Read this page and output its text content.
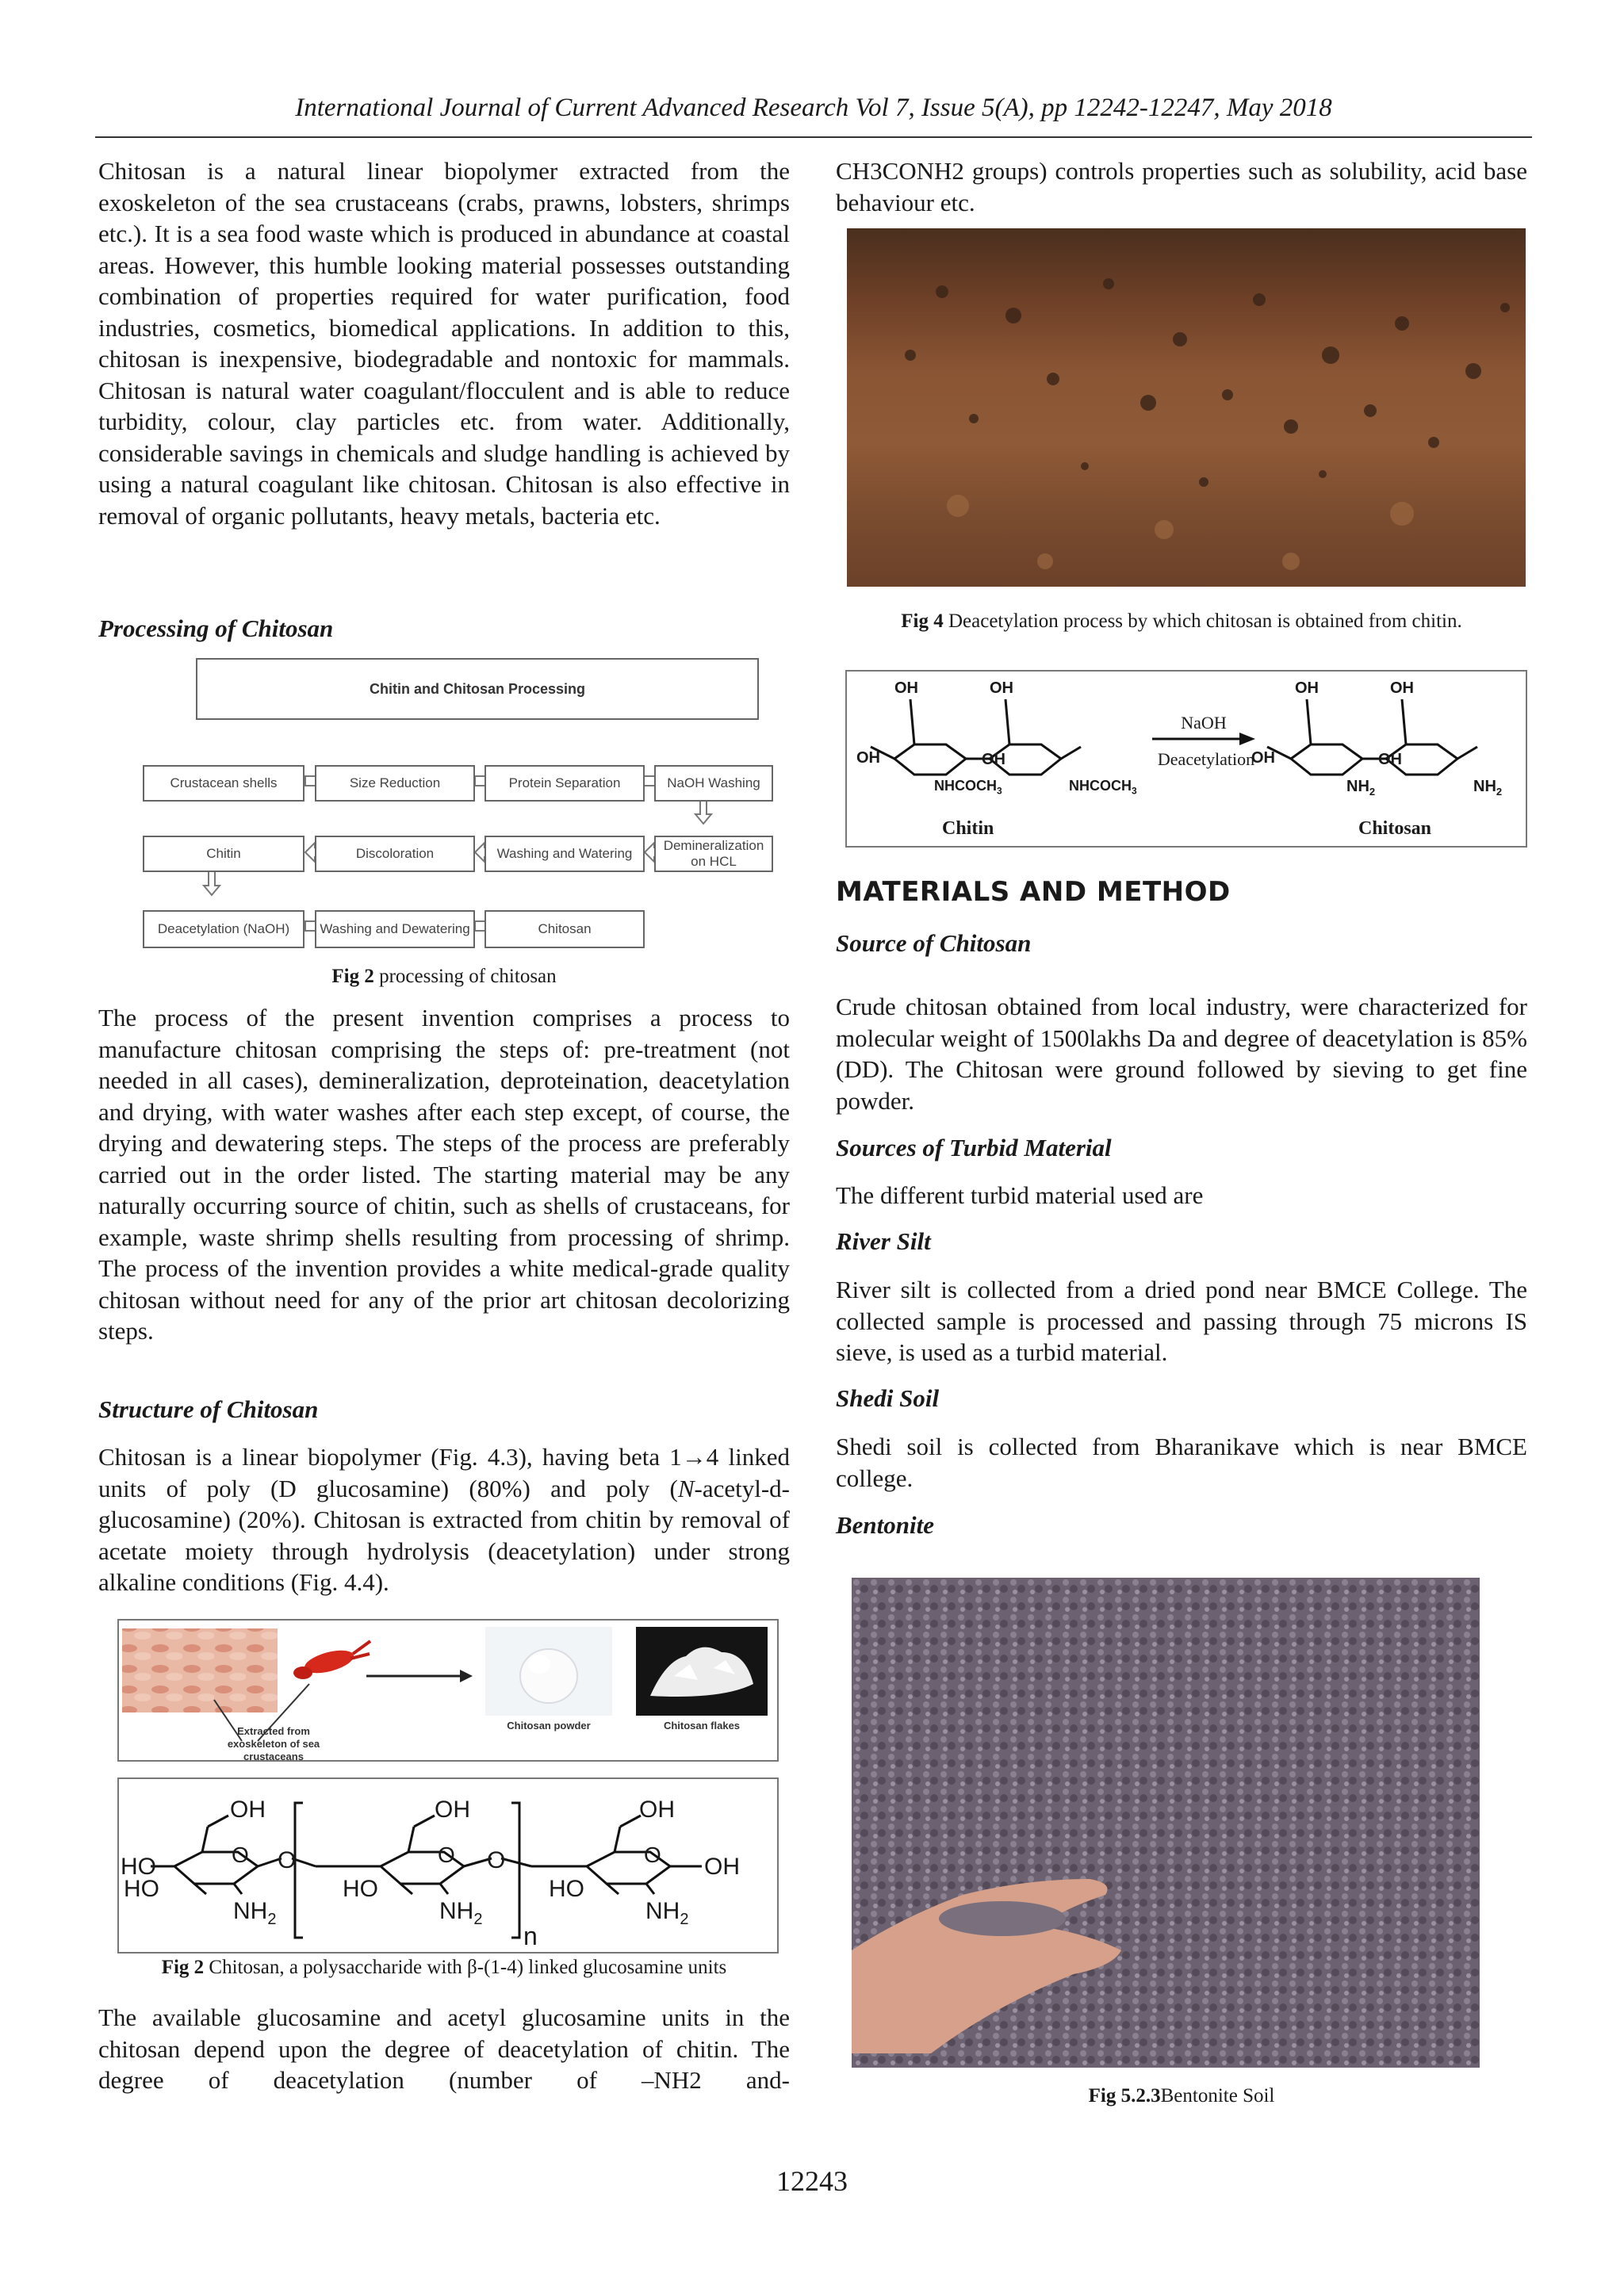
International Journal of Current Advanced Research Vol 7, Issue 5(A), pp 12242-12247, May 2018

Chitosan is a natural linear biopolymer extracted from the exoskeleton of the sea crustaceans (crabs, prawns, lobsters, shrimps etc.). It is a sea food waste which is produced in abundance at coastal areas. However, this humble looking material possesses outstanding combination of properties required for water purification, food industries, cosmetics, biomedical applications. In addition to this, chitosan is inexpensive, biodegradable and nontoxic for mammals. Chitosan is natural water coagulant/flocculent and is able to reduce turbidity, colour, clay particles etc. from water. Additionally, considerable savings in chemicals and sludge handling is achieved by using a natural coagulant like chitosan. Chitosan is also effective in removal of organic pollutants, heavy metals, bacteria etc.

Processing of Chitosan

Chitin and Chitosan Processing
Crustacean shells	Size Reduction	Protein Separation	NaOH Washing
Chitin	Discoloration	Washing and Watering
Demineralization on HCL
Deacetylation (NaOH)	Washing and Dewatering	Chitosan
Fig 2 processing of chitosan

The process of the present invention comprises a process to manufacture chitosan comprising the steps of: pre-treatment (not needed in all cases), demineralization, deproteination, deacetylation and drying, with water washes after each step except, of course, the drying and dewatering steps. The steps of the process are preferably carried out in the order listed. The starting material may be any naturally occurring source of chitin, such as shells of crustaceans, for example, waste shrimp shells resulting from processing of shrimp. The process of the invention provides a white medical-grade quality chitosan without need for any of the prior art chitosan decolorizing steps.

Structure of Chitosan

Chitosan is a linear biopolymer (Fig. 4.3), having beta 1→4 linked units of poly (D glucosamine) (80%) and poly (N-acetyl-d-glucosamine) (20%). Chitosan is extracted from chitin by removal of acetate moiety through hydrolysis (deacetylation) under strong alkaline conditions (Fig. 4.4).

Extracted from exoskeleton of sea crustaceans
Chitosan powder	Chitosan flakes
OH	OH	OH
O	O	O
O	O
HO
HO	HO	HO
OH
$NH_2$	$NH_2$	$NH_2$
n
Fig 2 Chitosan, a polysaccharide with β-(1-4) linked glucosamine units

The available glucosamine and acetyl glucosamine units in the chitosan depend upon the degree of deacetylation of chitin. The degree of deacetylation (number of –NH2 and-

CH3CONH2 groups) controls properties such as solubility, acid base behaviour etc.

Fig 4 Deacetylation process by which chitosan is obtained from chitin.
OH	OH
OH	OH
$NHCOCH_3$	$NHCOCH_3$
NaOH
Deacetylation
OH	OH
OH	OH
$NH_2$	$NH_2$
Chitin	Chitosan

MATERIALS AND METHOD

Source of Chitosan

Crude chitosan obtained from local industry, were characterized for molecular weight of 1500lakhs Da and degree of deacetylation is 85% (DD). The Chitosan were ground followed by sieving to get fine powder.

Sources of Turbid Material

The different turbid material used are

River Silt

River silt is collected from a dried pond near BMCE College. The collected sample is processed and passing through 75 microns IS sieve, is used as a turbid material.

Shedi Soil

Shedi soil is collected from Bharanikave which is near BMCE college.

Bentonite

Fig 5.2.3Bentonite Soil
12243
